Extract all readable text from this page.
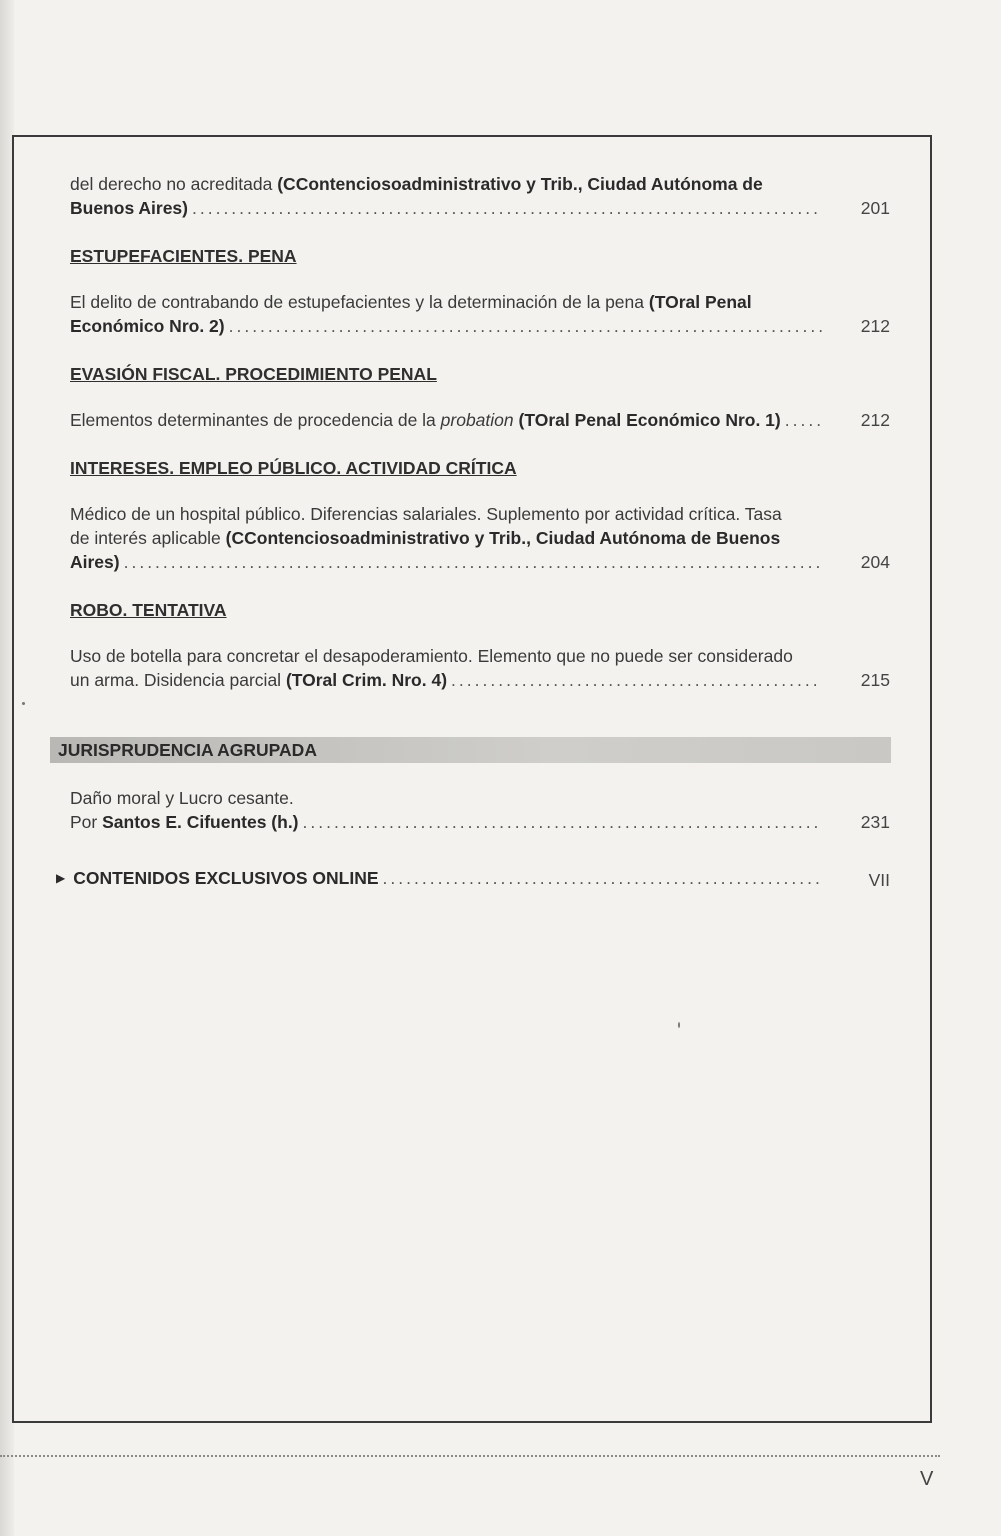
del derecho no acreditada (CContenciosoadministrativo y Trib., Ciudad Autónoma de
Buenos Aires) .....	201

ESTUPEFACIENTES. PENA

El delito de contrabando de estupefacientes y la determinación de la pena (TOral Penal
Económico Nro. 2) .....	212

EVASIÓN FISCAL. PROCEDIMIENTO PENAL

Elementos determinantes de procedencia de la probation (TOral Penal Económico Nro. 1) .....	212

INTERESES. EMPLEO PÚBLICO. ACTIVIDAD CRÍTICA

Médico de un hospital público. Diferencias salariales. Suplemento por actividad crítica. Tasa
de interés aplicable (CContenciosoadministrativo y Trib., Ciudad Autónoma de Buenos
Aires) .....	204

ROBO. TENTATIVA

Uso de botella para concretar el desapoderamiento. Elemento que no puede ser considerado
un arma. Disidencia parcial (TOral Crim. Nro. 4) .....	215
JURISPRUDENCIA AGRUPADA
Daño moral y Lucro cesante.
Por Santos E. Cifuentes (h.) .....	231
▶ CONTENIDOS EXCLUSIVOS ONLINE .....	VII
V
